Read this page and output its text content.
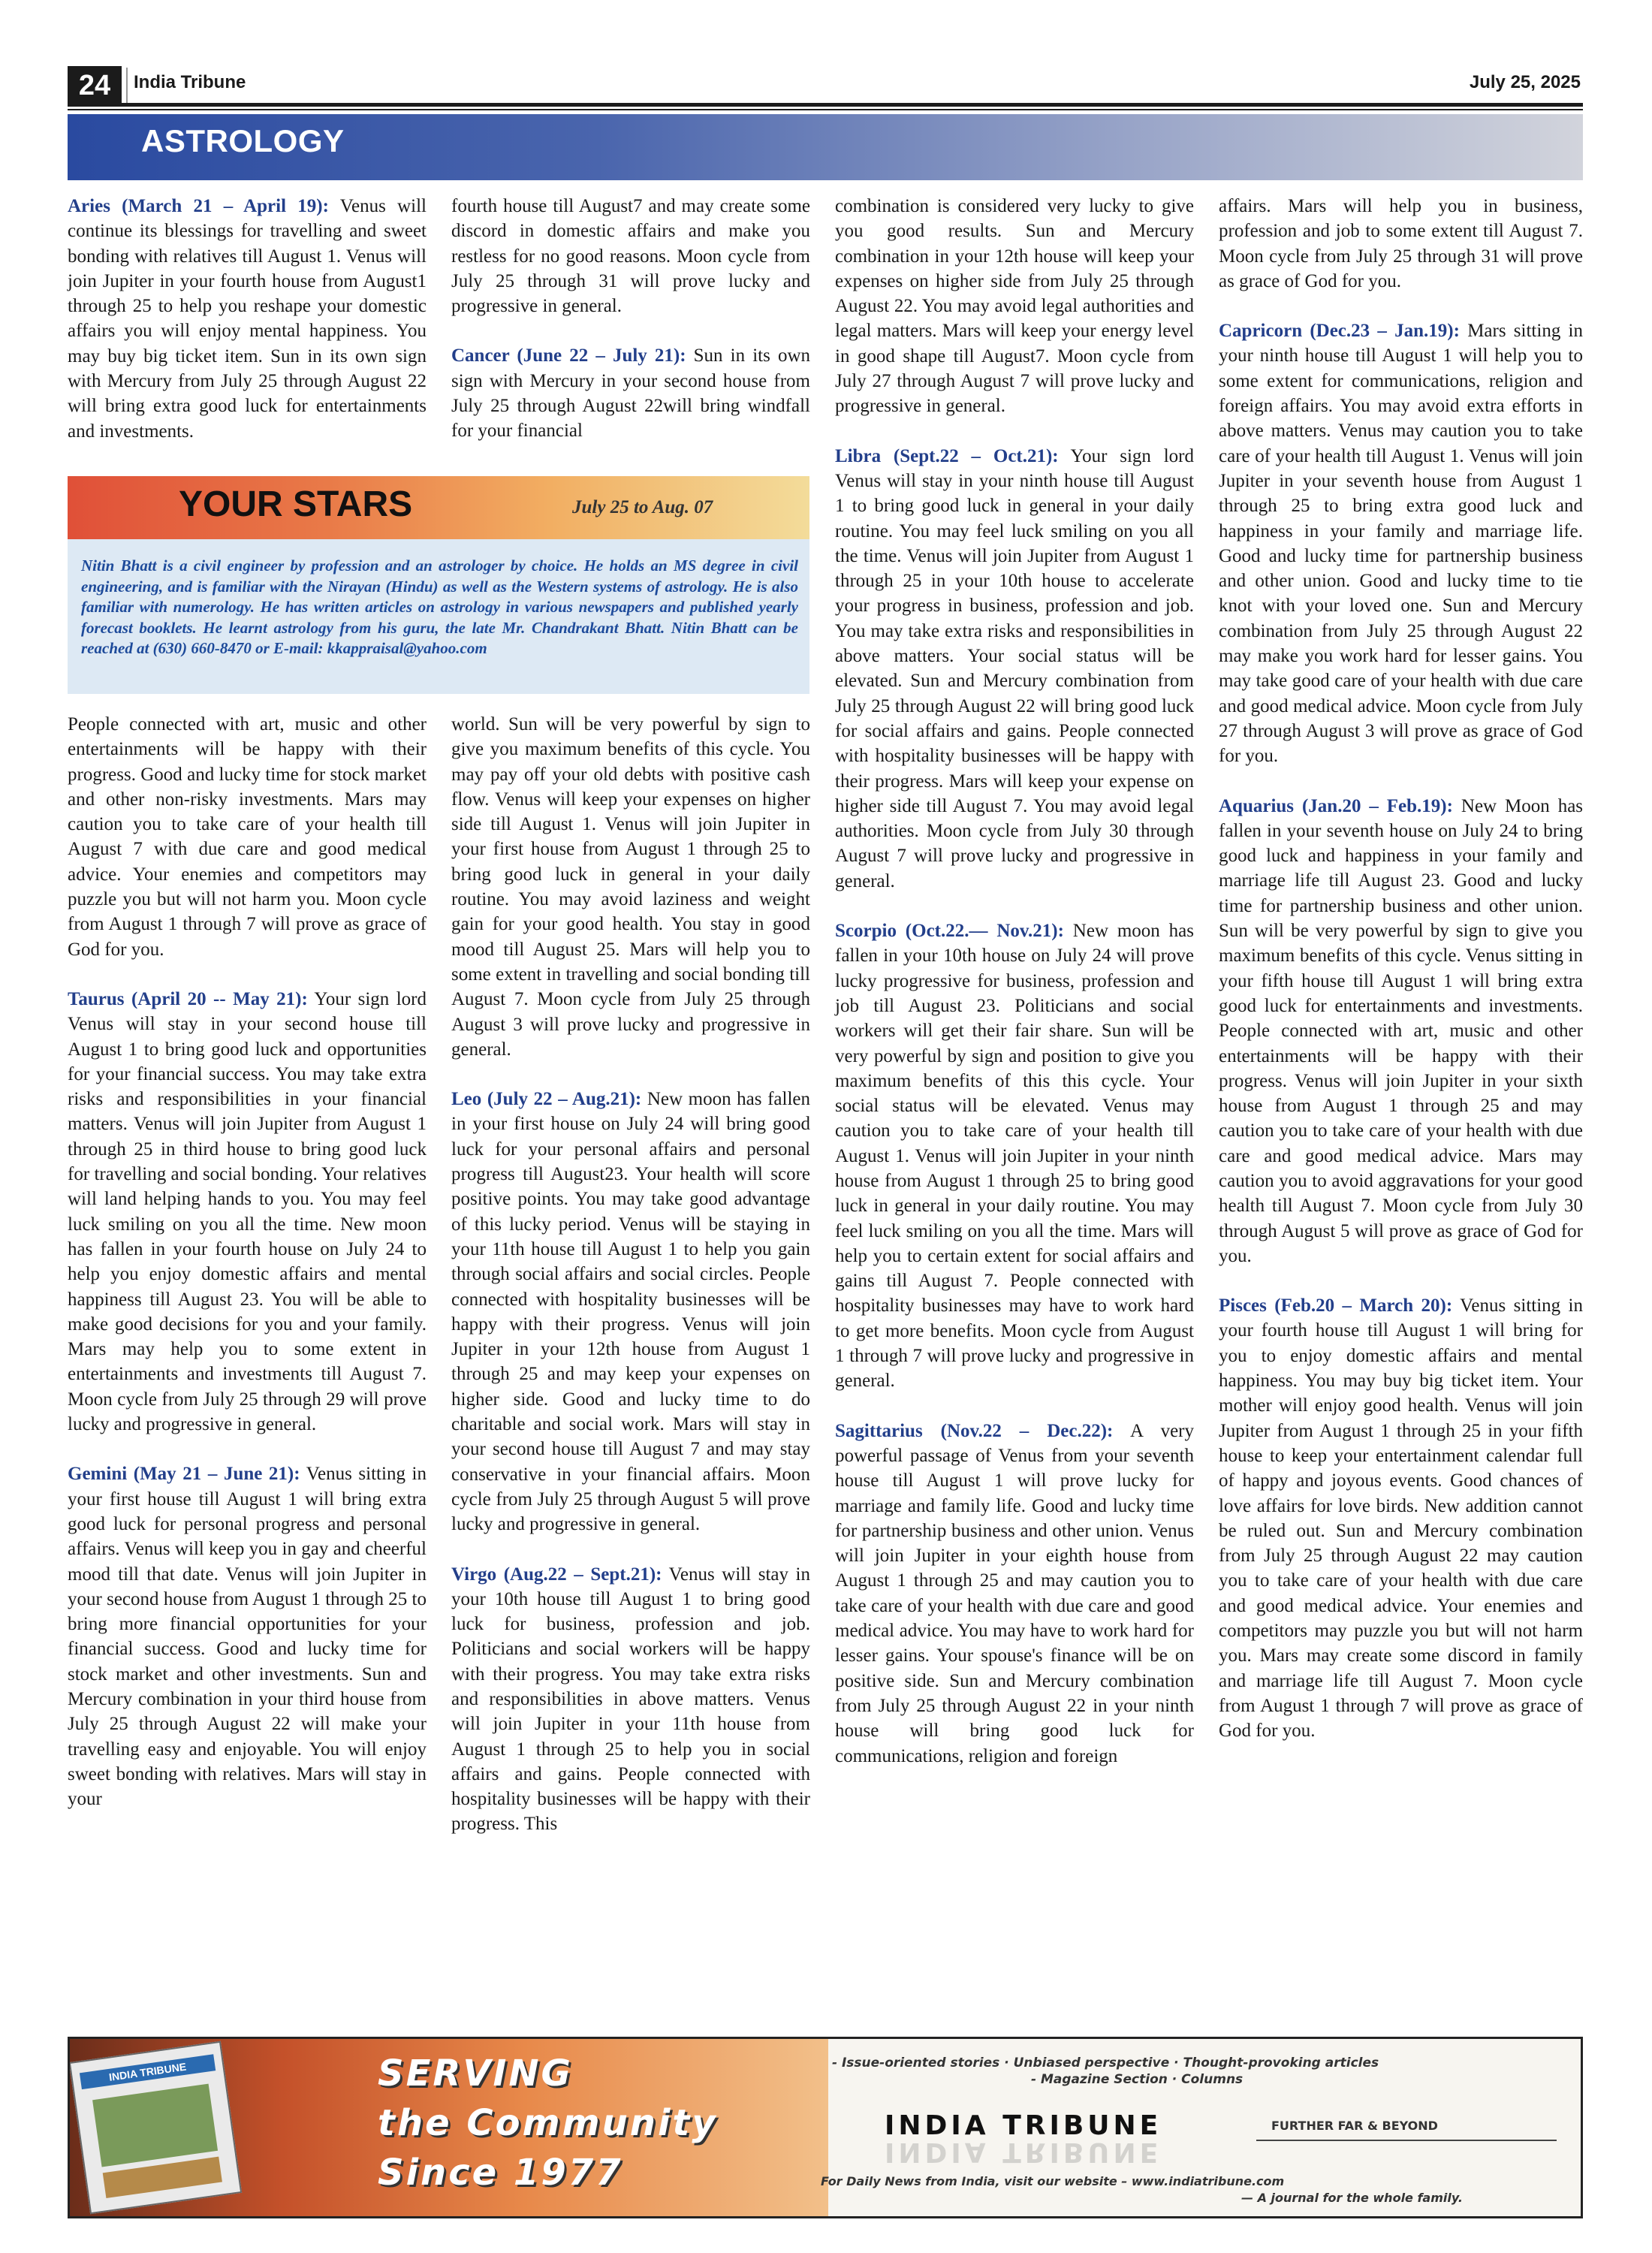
24	India Tribune	July 25, 2025
ASTROLOGY

Aries (March 21 – April 19): Venus will continue its blessings for travelling and sweet bonding with relatives till August 1. Venus will join Jupiter in your fourth house from August1 through 25 to help you reshape your domestic affairs you will enjoy mental happiness. You may buy big ticket item. Sun in its own sign with Mercury from July 25 through August 22 will bring extra good luck for entertainments and investments.

fourth house till August7 and may create some discord in domestic affairs and make you restless for no good reasons. Moon cycle from July 25 through 31 will prove lucky and progressive in general.

Cancer (June 22 – July 21): Sun in its own sign with Mercury in your second house from July 25 through August 22will bring windfall for your financial

YOUR STARS	July 25 to Aug. 07
Nitin Bhatt is a civil engineer by profession and an astrologer by choice. He holds an MS degree in civil engineering, and is familiar with the Nirayan (Hindu) as well as the Western systems of astrology. He is also familiar with numerology. He has written articles on astrology in various newspapers and published yearly forecast booklets. He learnt astrology from his guru, the late Mr. Chandrakant Bhatt. Nitin Bhatt can be reached at (630) 660-8470 or E-mail: kkappraisal@yahoo.com

People connected with art, music and other entertainments will be happy with their progress. Good and lucky time for stock market and other non-risky investments. Mars may caution you to take care of your health till August 7 with due care and good medical advice. Your enemies and competitors may puzzle you but will not harm you. Moon cycle from August 1 through 7 will prove as grace of God for you.

Taurus (April 20 -- May 21): Your sign lord Venus will stay in your second house till August 1 to bring good luck and opportunities for your financial success. You may take extra risks and responsibilities in your financial matters. Venus will join Jupiter from August 1 through 25 in third house to bring good luck for travelling and social bonding. Your relatives will land helping hands to you. You may feel luck smiling on you all the time. New moon has fallen in your fourth house on July 24 to help you enjoy domestic affairs and mental happiness till August 23. You will be able to make good decisions for you and your family. Mars may help you to some extent in entertainments and investments till August 7. Moon cycle from July 25 through 29 will prove lucky and progressive in general.

Gemini (May 21 – June 21): Venus sitting in your first house till August 1 will bring extra good luck for personal progress and personal affairs. Venus will keep you in gay and cheerful mood till that date. Venus will join Jupiter in your second house from August 1 through 25 to bring more financial opportunities for your financial success. Good and lucky time for stock market and other investments. Sun and Mercury combination in your third house from July 25 through August 22 will make your travelling easy and enjoyable. You will enjoy sweet bonding with relatives. Mars will stay in your

world. Sun will be very powerful by sign to give you maximum benefits of this cycle. You may pay off your old debts with positive cash flow. Venus will keep your expenses on higher side till August 1. Venus will join Jupiter in your first house from August 1 through 25 to bring good luck in general in your daily routine. You may avoid laziness and weight gain for your good health. You stay in good mood till August 25. Mars will help you to some extent in travelling and social bonding till August 7. Moon cycle from July 25 through August 3 will prove lucky and progressive in general.

Leo (July 22 – Aug.21): New moon has fallen in your first house on July 24 will bring good luck for your personal affairs and personal progress till August23. Your health will score positive points. You may take good advantage of this lucky period. Venus will be staying in your 11th house till August 1 to help you gain through social affairs and social circles. People connected with hospitality businesses will be happy with their progress. Venus will join Jupiter in your 12th house from August 1 through 25 and may keep your expenses on higher side. Good and lucky time to do charitable and social work. Mars will stay in your second house till August 7 and may stay conservative in your financial affairs. Moon cycle from July 25 through August 5 will prove lucky and progressive in general.

Virgo (Aug.22 – Sept.21): Venus will stay in your 10th house till August 1 to bring good luck for business, profession and job. Politicians and social workers will be happy with their progress. You may take extra risks and responsibilities in above matters. Venus will join Jupiter in your 11th house from August 1 through 25 to help you in social affairs and gains. People connected with hospitality businesses will be happy with their progress. This

combination is considered very lucky to give you good results. Sun and Mercury combination in your 12th house will keep your expenses on higher side from July 25 through August 22. You may avoid legal authorities and legal matters. Mars will keep your energy level in good shape till August7. Moon cycle from July 27 through August 7 will prove lucky and progressive in general.

Libra (Sept.22 – Oct.21): Your sign lord Venus will stay in your ninth house till August 1 to bring good luck in general in your daily routine. You may feel luck smiling on you all the time. Venus will join Jupiter from August 1 through 25 in your 10th house to accelerate your progress in business, profession and job. You may take extra risks and responsibilities in above matters. Your social status will be elevated. Sun and Mercury combination from July 25 through August 22 will bring good luck for social affairs and gains. People connected with hospitality businesses will be happy with their progress. Mars will keep your expense on higher side till August 7. You may avoid legal authorities. Moon cycle from July 30 through August 7 will prove lucky and progressive in general.

Scorpio (Oct.22.— Nov.21): New moon has fallen in your 10th house on July 24 will prove lucky progressive for business, profession and job till August 23. Politicians and social workers will get their fair share. Sun will be very powerful by sign and position to give you maximum benefits of this this cycle. Your social status will be elevated. Venus may caution you to take care of your health till August 1. Venus will join Jupiter in your ninth house from August 1 through 25 to bring good luck in general in your daily routine. You may feel luck smiling on you all the time. Mars will help you to certain extent for social affairs and gains till August 7. People connected with hospitality businesses may have to work hard to get more benefits. Moon cycle from August 1 through 7 will prove lucky and progressive in general.

Sagittarius (Nov.22 – Dec.22): A very powerful passage of Venus from your seventh house till August 1 will prove lucky for marriage and family life. Good and lucky time for partnership business and other union. Venus will join Jupiter in your eighth house from August 1 through 25 and may caution you to take care of your health with due care and good medical advice. You may have to work hard for lesser gains. Your spouse's finance will be on positive side. Sun and Mercury combination from July 25 through August 22 in your ninth house will bring good luck for communications, religion and foreign

affairs. Mars will help you in business, profession and job to some extent till August 7. Moon cycle from July 25 through 31 will prove as grace of God for you.

Capricorn (Dec.23 – Jan.19): Mars sitting in your ninth house till August 1 will help you to some extent for communications, religion and foreign affairs. You may avoid extra efforts in above matters. Venus may caution you to take care of your health till August 1. Venus will join Jupiter in your seventh house from August 1 through 25 to bring extra good luck and happiness in your family and marriage life. Good and lucky time for partnership business and other union. Good and lucky time to tie knot with your loved one. Sun and Mercury combination from July 25 through August 22 may make you work hard for lesser gains. You may take good care of your health with due care and good medical advice. Moon cycle from July 27 through August 3 will prove as grace of God for you.

Aquarius (Jan.20 – Feb.19): New Moon has fallen in your seventh house on July 24 to bring good luck and happiness in your family and marriage life till August 23. Good and lucky time for partnership business and other union. Sun will be very powerful by sign to give you maximum benefits of this cycle. Venus sitting in your fifth house till August 1 will bring extra good luck for entertainments and investments. People connected with art, music and other entertainments will be happy with their progress. Venus will join Jupiter in your sixth house from August 1 through 25 and may caution you to take care of your health with due care and good medical advice. Mars may caution you to avoid aggravations for your good health till August 7. Moon cycle from July 30 through August 5 will prove as grace of God for you.

Pisces (Feb.20 – March 20): Venus sitting in your fourth house till August 1 will bring for you to enjoy domestic affairs and mental happiness. You may buy big ticket item. Your mother will enjoy good health. Venus will join Jupiter from August 1 through 25 in your fifth house to keep your entertainment calendar full of happy and joyous events. Good chances of love affairs for love birds. New addition cannot be ruled out. Sun and Mercury combination from July 25 through August 22 may caution you to take care of your health with due care and good medical advice. Your enemies and competitors may puzzle you but will not harm you. Mars may create some discord in family and marriage life till August 7. Moon cycle from August 1 through 7 will prove as grace of God for you.

INDIA TRIBUNE	SERVING
the Community
Since 1977
- Issue-oriented stories · Unbiased perspective · Thought-provoking articles
- Magazine Section · Columns
INDIA TRIBUNE
INDIA TRIBUNE
FURTHER FAR & BEYOND
For Daily News from India, visit our website – www.indiatribune.com
— A journal for the whole family.
